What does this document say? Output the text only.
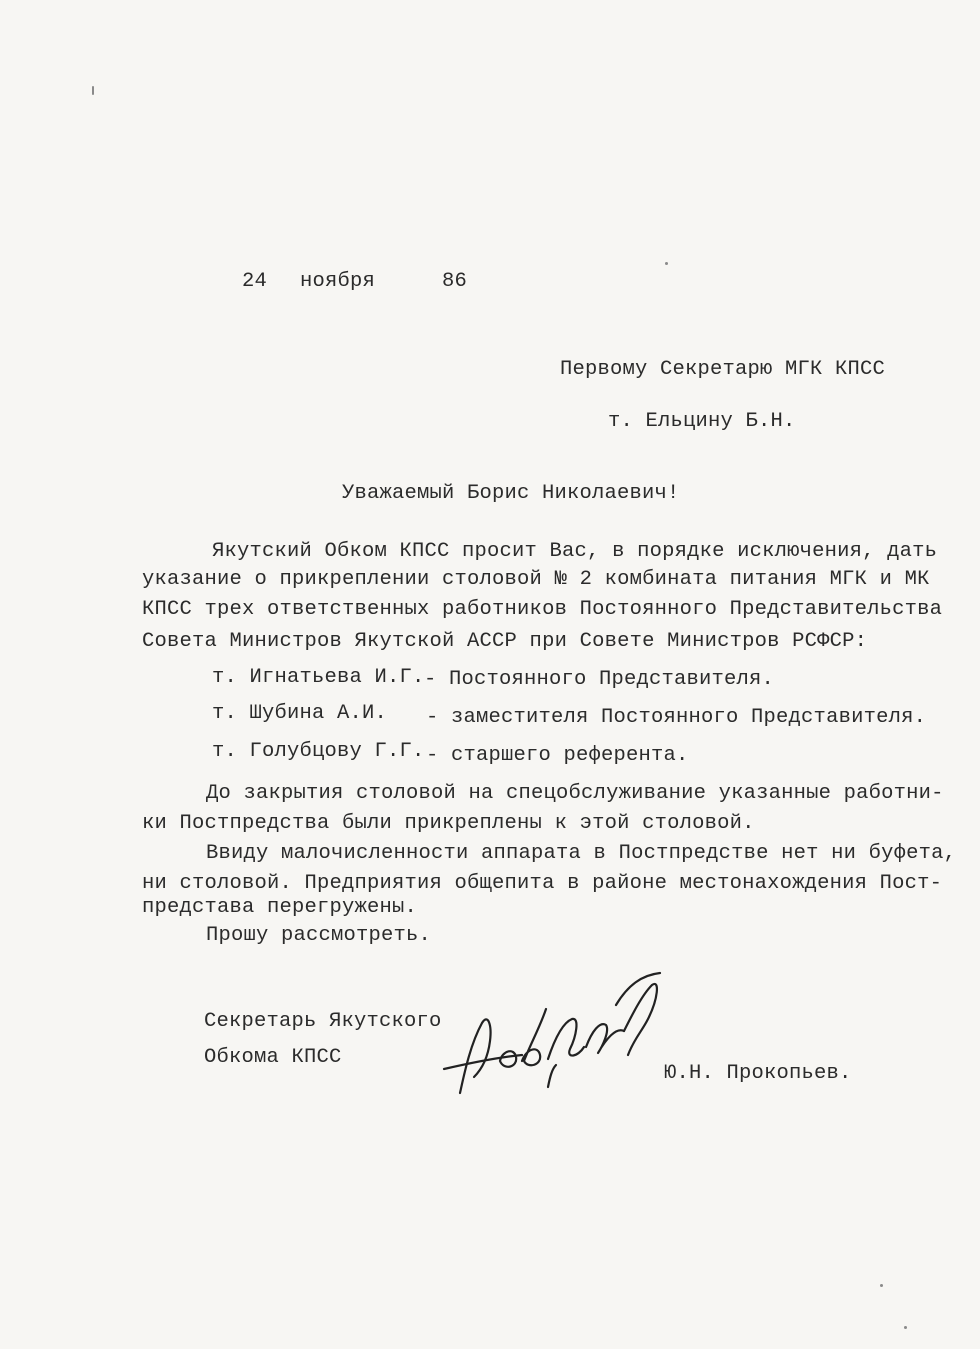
24

ноября

	86

Первому Секретарю МГК КПСС
т. Ельцину Б.Н.
Уважаемый Борис Николаевич!
Якутский Обком КПСС просит Вас, в порядке исключения, дать
указание о прикреплении столовой № 2 комбината питания МГК и МК
КПСС трех ответственных работников Постоянного Представительства
Совета Министров Якутской АССР при Совете Министров РСФСР:
т. Игнатьева И.Г. - Постоянного Представителя.
т. Шубина А.И. - заместителя Постоянного Представителя.
т. Голубцову Г.Г. - старшего референта.
До закрытия столовой на спецобслуживание указанные работни-
ки Постпредства были прикреплены к этой столовой.
Ввиду малочисленности аппарата в Постпредстве нет ни буфета,
ни столовой. Предприятия общепита в районе местонахождения Пост-
представа перегружены.
Прошу рассмотреть.
Секретарь Якутского
Обкома КПСС
Ю.Н. Прокопьев.
